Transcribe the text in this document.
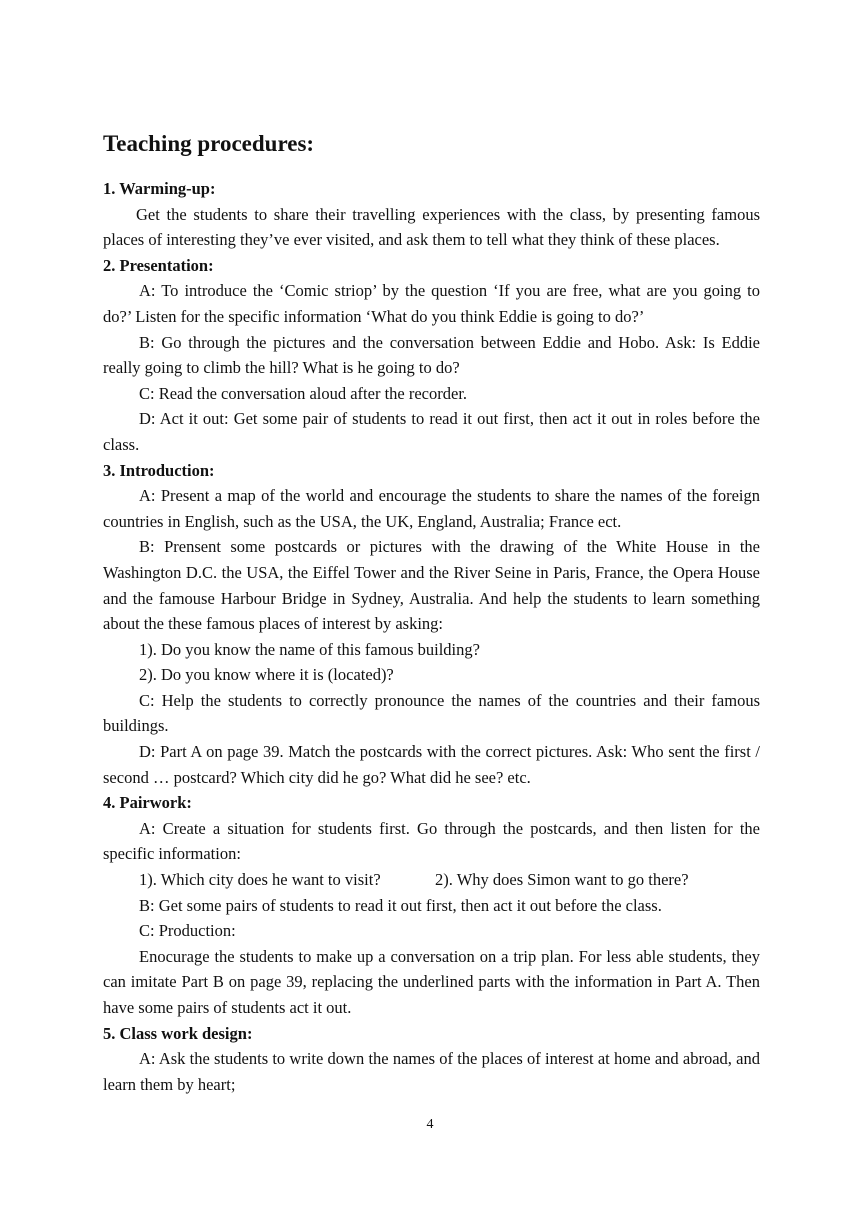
Teaching procedures:
1. Warming-up:

Get the students to share their travelling experiences with the class, by presenting famous places of interesting they’ve ever visited, and ask them to tell what they think of these places.

2. Presentation:

A: To introduce the ‘Comic striop’ by the question ‘If you are free, what are you going to do?’ Listen for the specific information ‘What do you think Eddie is going to do?’

B: Go through the pictures and the conversation between Eddie and Hobo. Ask: Is Eddie really going to climb the hill? What is he going to do?

C: Read the conversation aloud after the recorder.

D: Act it out: Get some pair of students to read it out first, then act it out in roles before the class.

3. Introduction:

A: Present a map of the world and encourage the students to share the names of the foreign countries in English, such as the USA, the UK, England, Australia; France ect.

B: Prensent some postcards or pictures with the drawing of the White House in the Washington D.C. the USA, the Eiffel Tower and the River Seine in Paris, France, the Opera House and the famouse Harbour Bridge in Sydney, Australia. And help the students to learn something about the these famous places of interest by asking:

1). Do you know the name of this famous building?

2). Do you know where it is (located)?

C: Help the students to correctly pronounce the names of the countries and their famous buildings.

D: Part A on page 39. Match the postcards with the correct pictures. Ask: Who sent the first / second … postcard? Which city did he go? What did he see? etc.

4. Pairwork:

A: Create a situation for students first. Go through the postcards, and then listen for the specific information:

1). Which city does he want to visit?	2). Why does Simon want to go there?

B: Get some pairs of students to read it out first, then act it out before the class.

C: Production:

Enocurage the students to make up a conversation on a trip plan. For less able students, they can imitate Part B on page 39, replacing the underlined parts with the information in Part A. Then have some pairs of students act it out.

5. Class work design:

A: Ask the students to write down the names of the places of interest at home and abroad, and learn them by heart;

4
